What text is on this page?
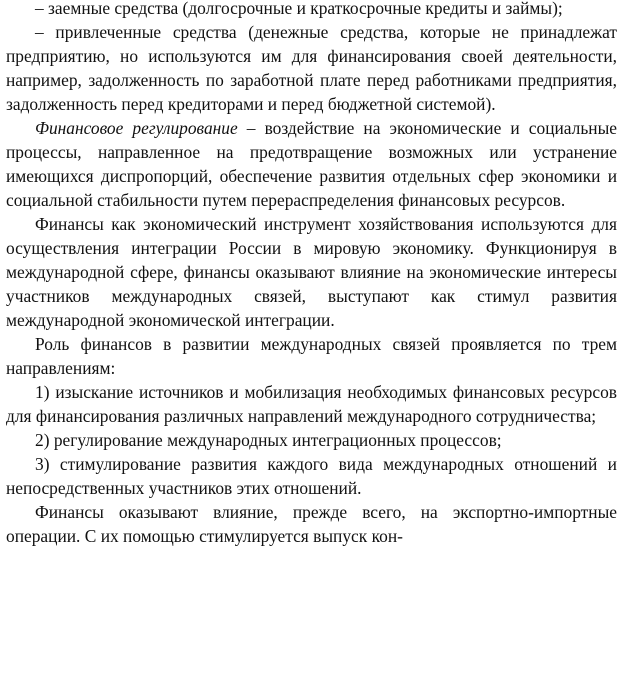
– заемные средства (долгосрочные и краткосрочные кредиты и займы);

– привлеченные средства (денежные средства, которые не принадлежат предприятию, но используются им для финансирования своей деятельности, например, задолженность по заработной плате перед работниками предприятия, задолженность перед кредиторами и перед бюджетной системой).

Финансовое регулирование – воздействие на экономические и социальные процессы, направленное на предотвращение возможных или устранение имеющихся диспропорций, обеспечение развития отдельных сфер экономики и социальной стабильности путем перераспределения финансовых ресурсов.

Финансы как экономический инструмент хозяйствования используются для осуществления интеграции России в мировую экономику. Функционируя в международной сфере, финансы оказывают влияние на экономические интересы участников международных связей, выступают как стимул развития международной экономической интеграции.

Роль финансов в развитии международных связей проявляется по трем направлениям:

1) изыскание источников и мобилизация необходимых финансовых ресурсов для финансирования различных направлений международного сотрудничества;

2) регулирование международных интеграционных процессов;

3) стимулирование развития каждого вида международных отношений и непосредственных участников этих отношений.

Финансы оказывают влияние, прежде всего, на экспортно-импортные операции. С их помощью стимулируется выпуск кон-
